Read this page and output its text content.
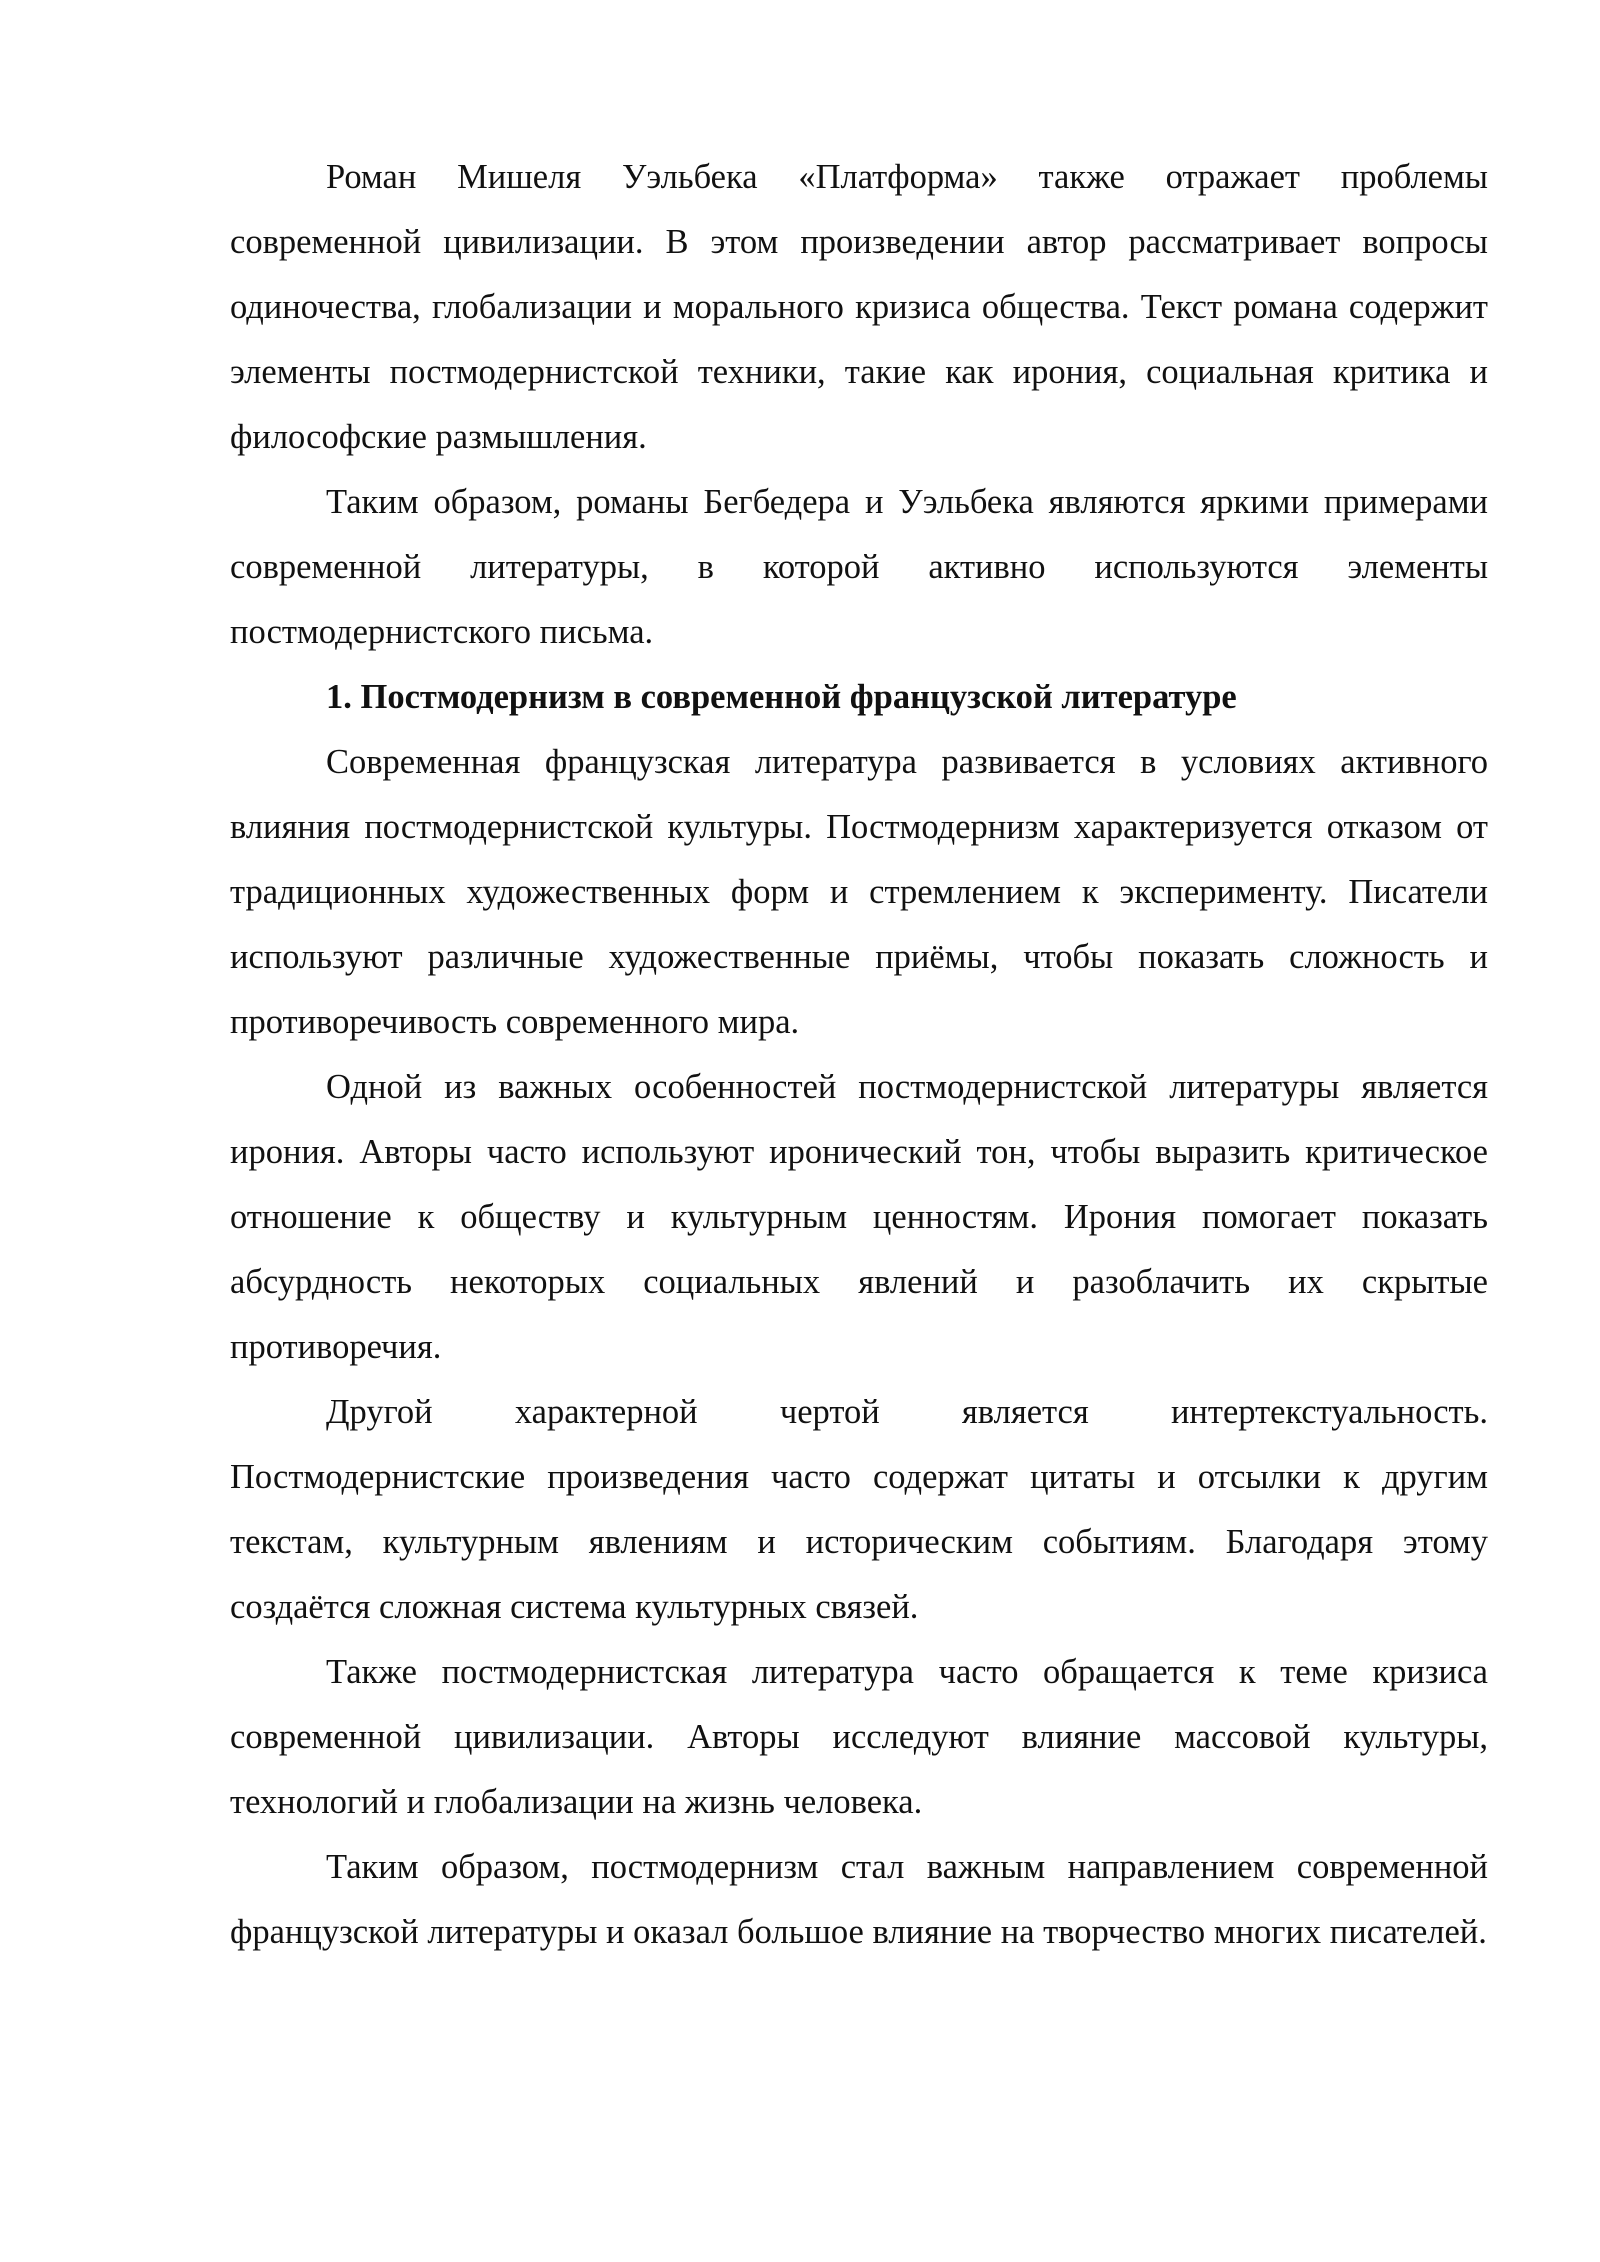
Роман Мишеля Уэльбека «Платформа» также отражает проблемы современной цивилизации. В этом произведении автор рассматривает вопросы одиночества, глобализации и морального кризиса общества. Текст романа содержит элементы постмодернистской техники, такие как ирония, социальная критика и философские размышления.

Таким образом, романы Бегбедера и Уэльбека являются яркими примерами современной литературы, в которой активно используются элементы постмодернистского письма.

1. Постмодернизм в современной французской литературе

Современная французская литература развивается в условиях активного влияния постмодернистской культуры. Постмодернизм характеризуется отказом от традиционных художественных форм и стремлением к эксперименту. Писатели используют различные художественные приёмы, чтобы показать сложность и противоречивость современного мира.

Одной из важных особенностей постмодернистской литературы является ирония. Авторы часто используют иронический тон, чтобы выразить критическое отношение к обществу и культурным ценностям. Ирония помогает показать абсурдность некоторых социальных явлений и разоблачить их скрытые противоречия.

Другой характерной чертой является интертекстуальность. Постмодернистские произведения часто содержат цитаты и отсылки к другим текстам, культурным явлениям и историческим событиям. Благодаря этому создаётся сложная система культурных связей.

Также постмодернистская литература часто обращается к теме кризиса современной цивилизации. Авторы исследуют влияние массовой культуры, технологий и глобализации на жизнь человека.

Таким образом, постмодернизм стал важным направлением современной французской литературы и оказал большое влияние на творчество многих писателей.
